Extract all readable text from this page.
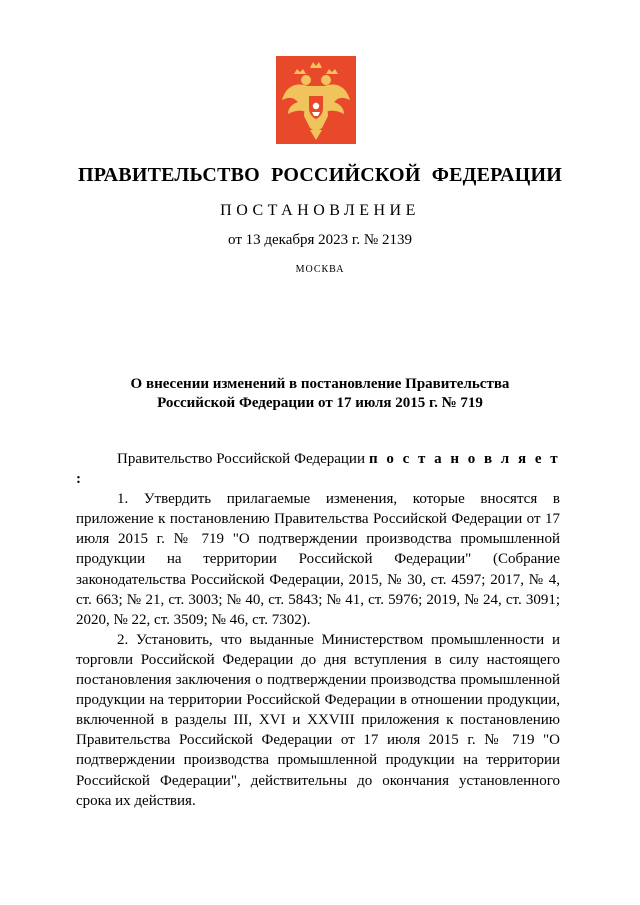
ПРАВИТЕЛЬСТВО РОССИЙСКОЙ ФЕДЕРАЦИИ
ПОСТАНОВЛЕНИЕ
от 13 декабря 2023 г. № 2139
МОСКВА
О внесении изменений в постановление Правительства
Российской Федерации от 17 июля 2015 г. № 719

Правительство Российской Федерации п о с т а н о в л я е т :

1. Утвердить прилагаемые изменения, которые вносятся в приложение к постановлению Правительства Российской Федерации от 17 июля 2015 г. № 719 "О подтверждении производства промышленной продукции на территории Российской Федерации" (Собрание законодательства Российской Федерации, 2015, № 30, ст. 4597; 2017, № 4, ст. 663; № 21, ст. 3003; № 40, ст. 5843; № 41, ст. 5976; 2019, № 24, ст. 3091; 2020, № 22, ст. 3509; № 46, ст. 7302).

2. Установить, что выданные Министерством промышленности и торговли Российской Федерации до дня вступления в силу настоящего постановления заключения о подтверждении производства промышленной продукции на территории Российской Федерации в отношении продукции, включенной в разделы III, XVI и XXVIII приложения к постановлению Правительства Российской Федерации от 17 июля 2015 г. № 719 "О подтверждении производства промышленной продукции на территории Российской Федерации", действительны до окончания установленного срока их действия.
